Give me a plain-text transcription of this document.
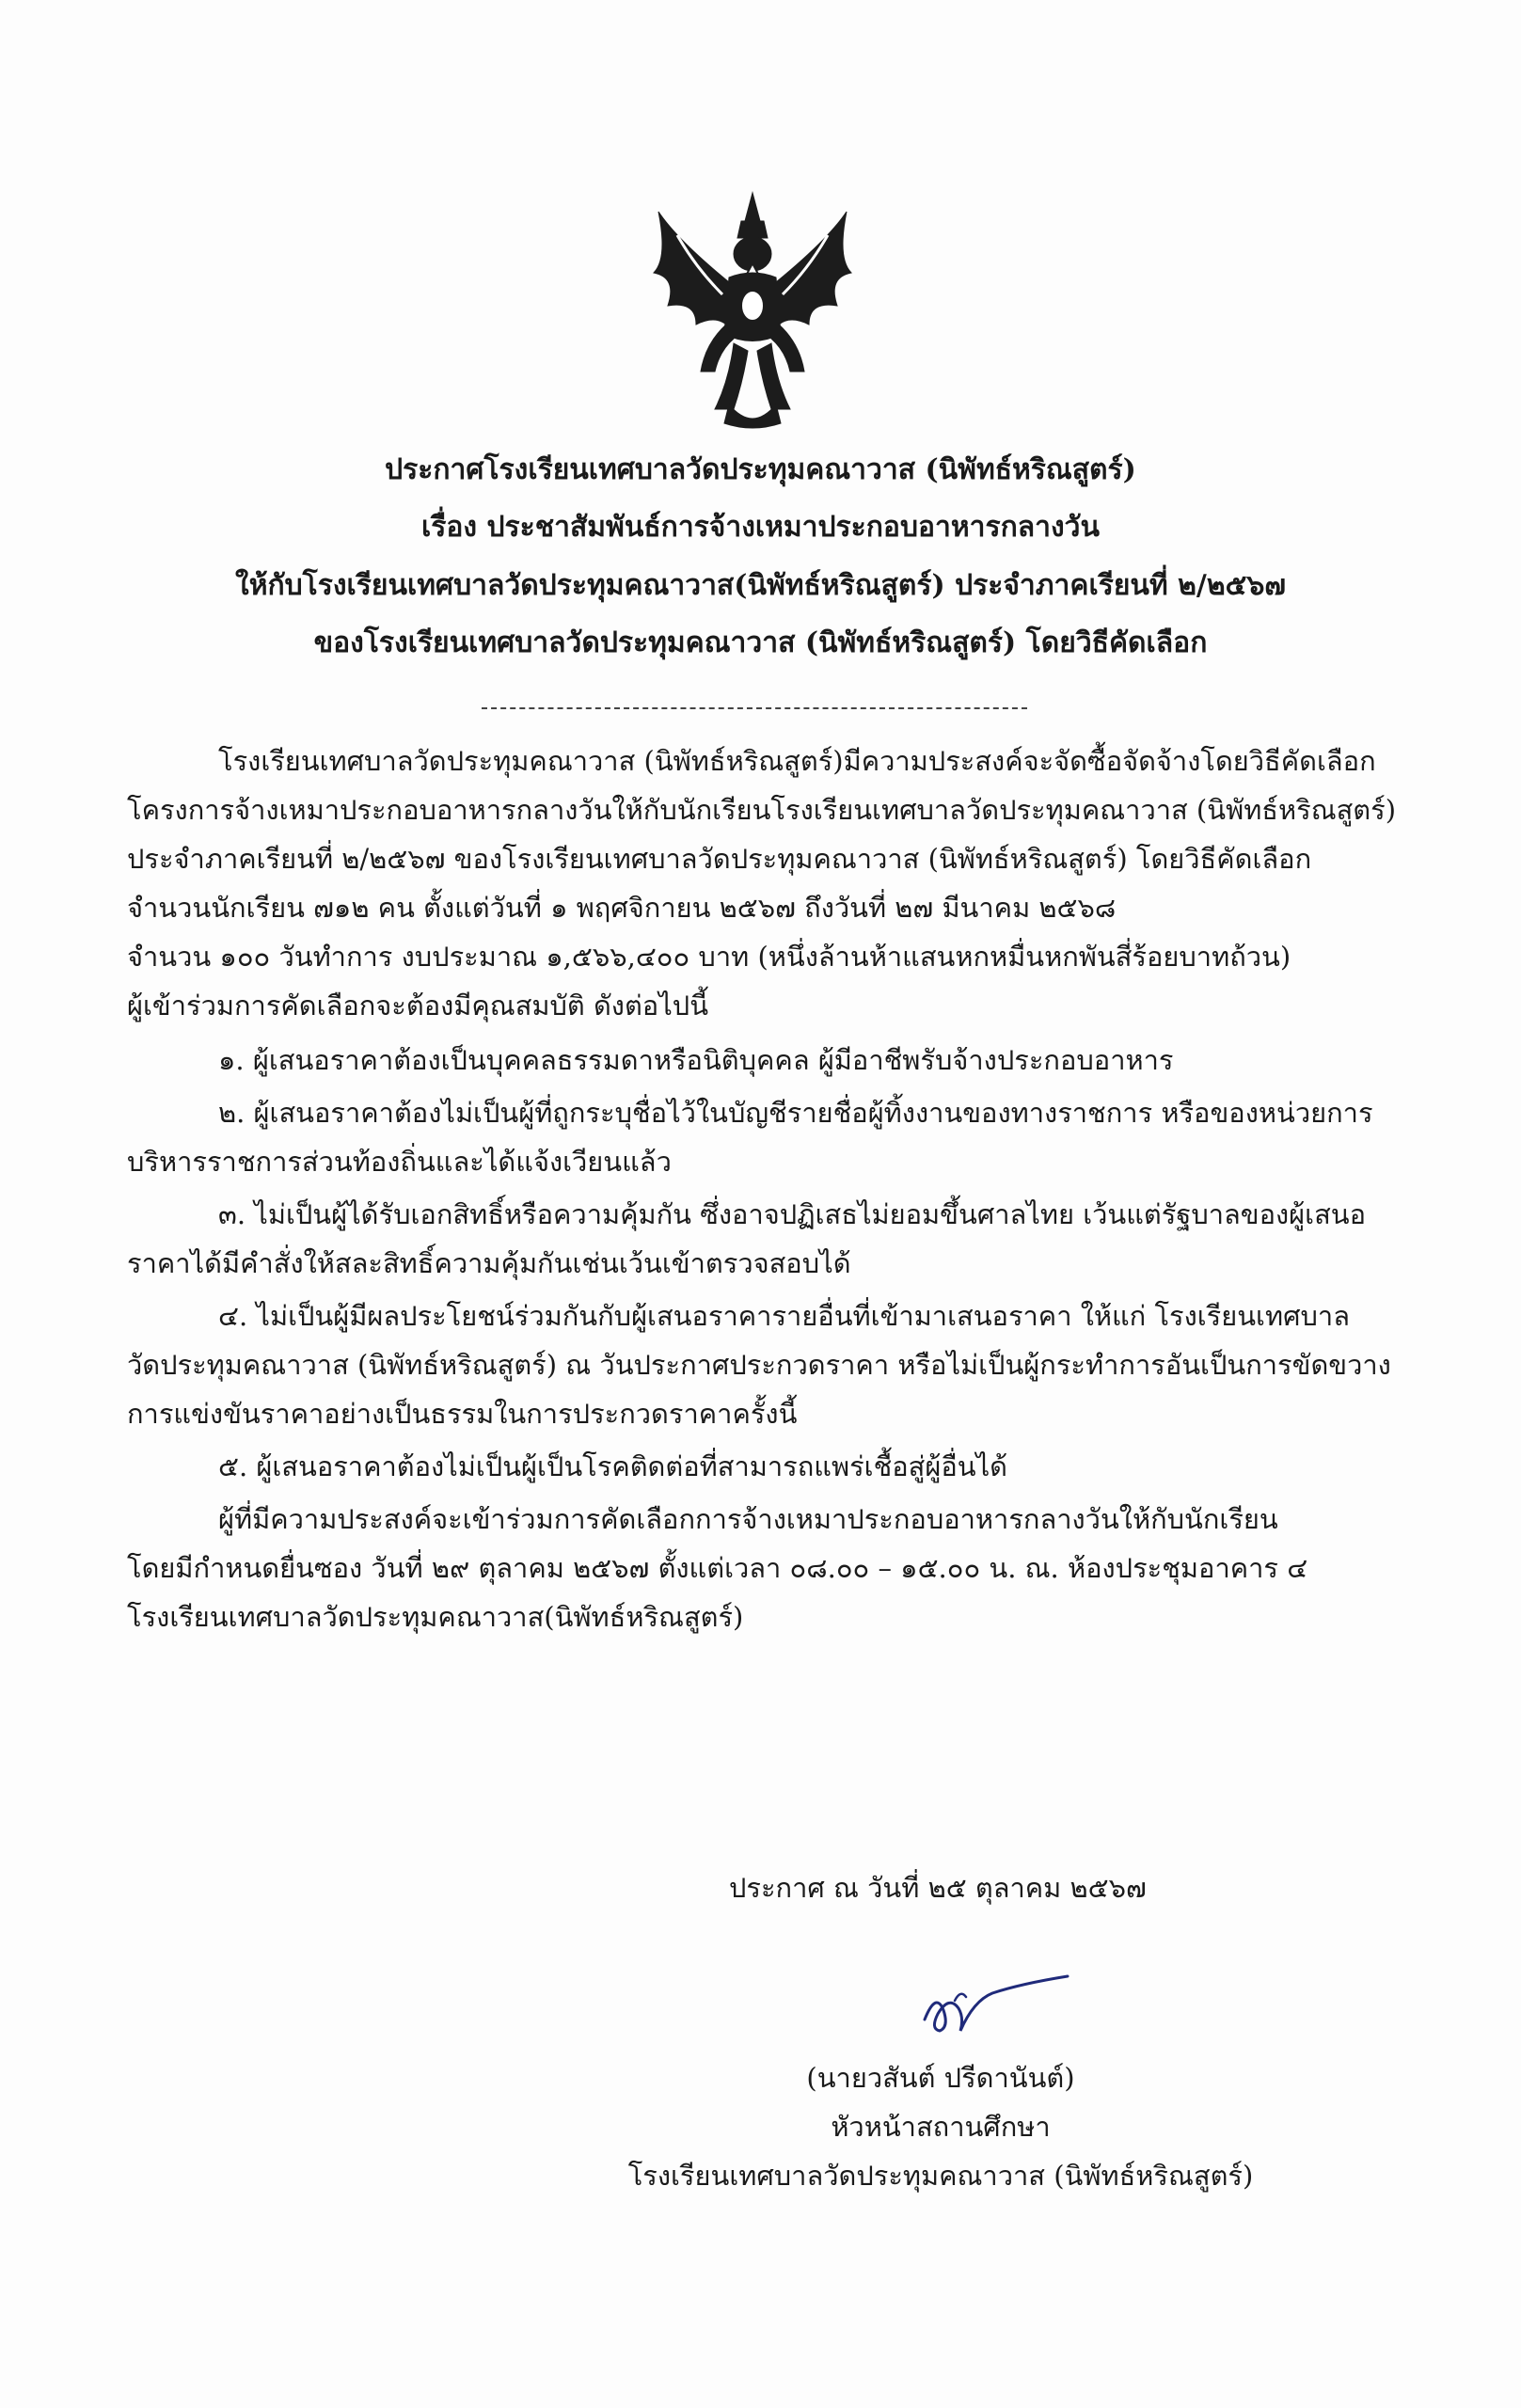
ประกาศโรงเรียนเทศบาลวัดประทุมคณาวาส (นิพัทธ์หริณสูตร์)
เรื่อง ประชาสัมพันธ์การจ้างเหมาประกอบอาหารกลางวัน
ให้กับโรงเรียนเทศบาลวัดประทุมคณาวาส(นิพัทธ์หริณสูตร์) ประจำภาคเรียนที่ ๒/๒๕๖๗
ของโรงเรียนเทศบาลวัดประทุมคณาวาส (นิพัทธ์หริณสูตร์) โดยวิธีคัดเลือก
โรงเรียนเทศบาลวัดประทุมคณาวาส (นิพัทธ์หริณสูตร์)มีความประสงค์จะจัดซื้อจัดจ้างโดยวิธีคัดเลือก
โครงการจ้างเหมาประกอบอาหารกลางวันให้กับนักเรียนโรงเรียนเทศบาลวัดประทุมคณาวาส (นิพัทธ์หริณสูตร์)
ประจำภาคเรียนที่ ๒/๒๕๖๗ ของโรงเรียนเทศบาลวัดประทุมคณาวาส (นิพัทธ์หริณสูตร์) โดยวิธีคัดเลือก
จำนวนนักเรียน ๗๑๒ คน ตั้งแต่วันที่ ๑ พฤศจิกายน ๒๕๖๗ ถึงวันที่ ๒๗ มีนาคม ๒๕๖๘
จำนวน ๑๐๐ วันทำการ งบประมาณ ๑,๕๖๖,๔๐๐ บาท (หนึ่งล้านห้าแสนหกหมื่นหกพันสี่ร้อยบาทถ้วน)
ผู้เข้าร่วมการคัดเลือกจะต้องมีคุณสมบัติ ดังต่อไปนี้
๑. ผู้เสนอราคาต้องเป็นบุคคลธรรมดาหรือนิติบุคคล ผู้มีอาชีพรับจ้างประกอบอาหาร
๒. ผู้เสนอราคาต้องไม่เป็นผู้ที่ถูกระบุชื่อไว้ในบัญชีรายชื่อผู้ทิ้งงานของทางราชการ หรือของหน่วยการ
บริหารราชการส่วนท้องถิ่นและได้แจ้งเวียนแล้ว
๓. ไม่เป็นผู้ได้รับเอกสิทธิ์หรือความคุ้มกัน ซึ่งอาจปฏิเสธไม่ยอมขึ้นศาลไทย เว้นแต่รัฐบาลของผู้เสนอ
ราคาได้มีคำสั่งให้สละสิทธิ์ความคุ้มกันเช่นเว้นเข้าตรวจสอบได้
๔. ไม่เป็นผู้มีผลประโยชน์ร่วมกันกับผู้เสนอราคารายอื่นที่เข้ามาเสนอราคา ให้แก่ โรงเรียนเทศบาล
วัดประทุมคณาวาส (นิพัทธ์หริณสูตร์) ณ วันประกาศประกวดราคา หรือไม่เป็นผู้กระทำการอันเป็นการขัดขวาง
การแข่งขันราคาอย่างเป็นธรรมในการประกวดราคาครั้งนี้
๕. ผู้เสนอราคาต้องไม่เป็นผู้เป็นโรคติดต่อที่สามารถแพร่เชื้อสู่ผู้อื่นได้
ผู้ที่มีความประสงค์จะเข้าร่วมการคัดเลือกการจ้างเหมาประกอบอาหารกลางวันให้กับนักเรียน
โดยมีกำหนดยื่นซอง วันที่ ๒๙ ตุลาคม ๒๕๖๗ ตั้งแต่เวลา ๐๘.๐๐ – ๑๕.๐๐ น. ณ. ห้องประชุมอาคาร ๔
โรงเรียนเทศบาลวัดประทุมคณาวาส(นิพัทธ์หริณสูตร์)
ประกาศ ณ วันที่ ๒๕ ตุลาคม ๒๕๖๗
(นายวสันต์ ปรีดานันต์)
หัวหน้าสถานศึกษา
โรงเรียนเทศบาลวัดประทุมคณาวาส (นิพัทธ์หริณสูตร์)
